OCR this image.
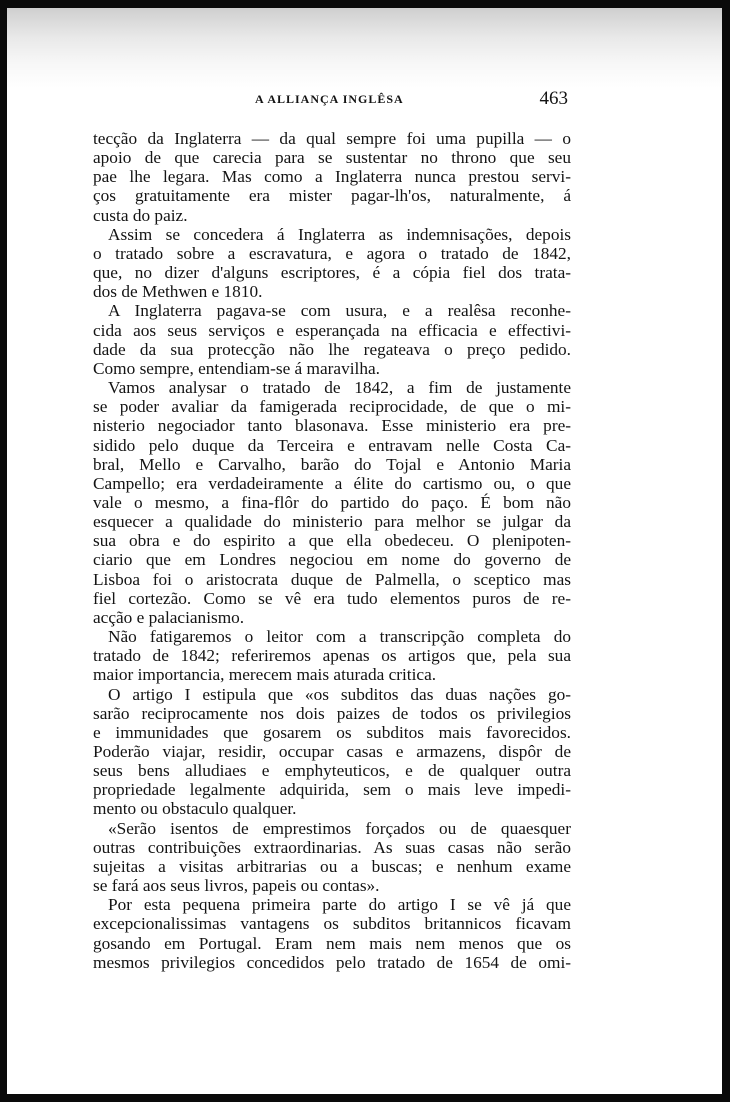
A ALLIANÇA INGLÊSA	463

tecção da Inglaterra — da qual sempre foi uma pupilla — o

apoio de que carecia para se sustentar no throno que seu

pae lhe legara. Mas como a Inglaterra nunca prestou servi-

ços gratuitamente era mister pagar-lh'os, naturalmente, á

custa do paiz.

Assim se concedera á Inglaterra as indemnisações, depois

o tratado sobre a escravatura, e agora o tratado de 1842,

que, no dizer d'alguns escriptores, é a cópia fiel dos trata-

dos de Methwen e 1810.

A Inglaterra pagava-se com usura, e a realêsa reconhe-

cida aos seus serviços e esperançada na efficacia e effectivi-

dade da sua protecção não lhe regateava o preço pedido.

Como sempre, entendiam-se á maravilha.

Vamos analysar o tratado de 1842, a fim de justamente

se poder avaliar da famigerada reciprocidade, de que o mi-

nisterio negociador tanto blasonava. Esse ministerio era pre-

sidido pelo duque da Terceira e entravam nelle Costa Ca-

bral, Mello e Carvalho, barão do Tojal e Antonio Maria

Campello; era verdadeiramente a élite do cartismo ou, o que

vale o mesmo, a fina-flôr do partido do paço. É bom não

esquecer a qualidade do ministerio para melhor se julgar da

sua obra e do espirito a que ella obedeceu. O plenipoten-

ciario que em Londres negociou em nome do governo de

Lisboa foi o aristocrata duque de Palmella, o sceptico mas

fiel cortezão. Como se vê era tudo elementos puros de re-

acção e palacianismo.

Não fatigaremos o leitor com a transcripção completa do

tratado de 1842; referiremos apenas os artigos que, pela sua

maior importancia, merecem mais aturada critica.

O artigo I estipula que «os subditos das duas nações go-

sarão reciprocamente nos dois paizes de todos os privilegios

e immunidades que gosarem os subditos mais favorecidos.

Poderão viajar, residir, occupar casas e armazens, dispôr de

seus bens alludiaes e emphyteuticos, e de qualquer outra

propriedade legalmente adquirida, sem o mais leve impedi-

mento ou obstaculo qualquer.

«Serão isentos de emprestimos forçados ou de quaesquer

outras contribuições extraordinarias. As suas casas não serão

sujeitas a visitas arbitrarias ou a buscas; e nenhum exame

se fará aos seus livros, papeis ou contas».

Por esta pequena primeira parte do artigo I se vê já que

excepcionalissimas vantagens os subditos britannicos ficavam

gosando em Portugal. Eram nem mais nem menos que os

mesmos privilegios concedidos pelo tratado de 1654 de omi-
